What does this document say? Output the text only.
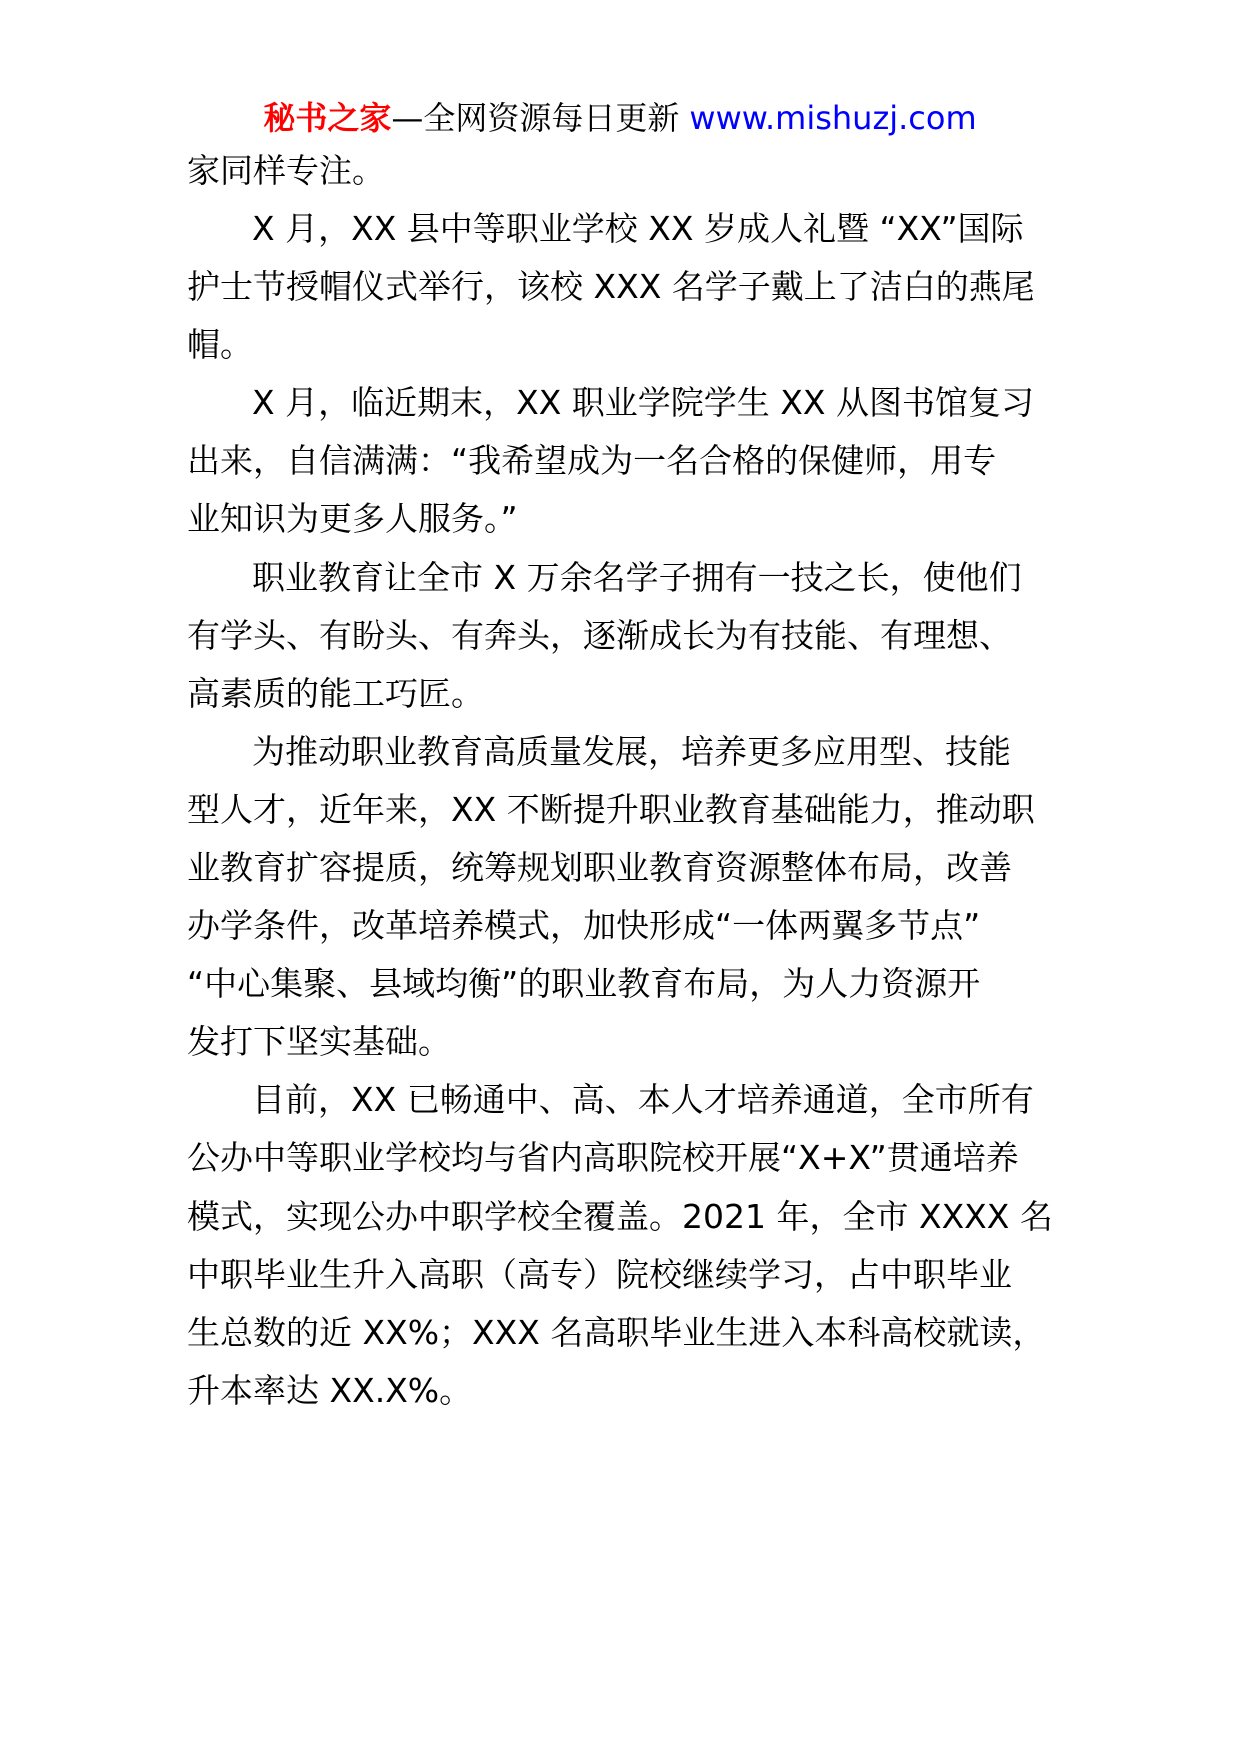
秘书之家—全网资源每日更新 www.mishuzj.com
家同样专注。
X 月，XX 县中等职业学校 XX 岁成人礼暨 “XX”国际
护士节授帽仪式举行，该校 XXX 名学子戴上了洁白的燕尾
帽。
X 月，临近期末，XX 职业学院学生 XX 从图书馆复习
出来，自信满满：“我希望成为一名合格的保健师，用专
业知识为更多人服务。”
职业教育让全市 X 万余名学子拥有一技之长，使他们
有学头、有盼头、有奔头，逐渐成长为有技能、有理想、
高素质的能工巧匠。
为推动职业教育高质量发展，培养更多应用型、技能
型人才，近年来，XX 不断提升职业教育基础能力，推动职
业教育扩容提质，统筹规划职业教育资源整体布局，改善
办学条件，改革培养模式，加快形成“一体两翼多节点”
“中心集聚、县域均衡”的职业教育布局，为人力资源开
发打下坚实基础。
目前，XX 已畅通中、高、本人才培养通道，全市所有
公办中等职业学校均与省内高职院校开展“X+X”贯通培养
模式，实现公办中职学校全覆盖。2021 年，全市 XXXX 名
中职毕业生升入高职（高专）院校继续学习，占中职毕业
生总数的近 XX%；XXX 名高职毕业生进入本科高校就读，
升本率达 XX.X%。
